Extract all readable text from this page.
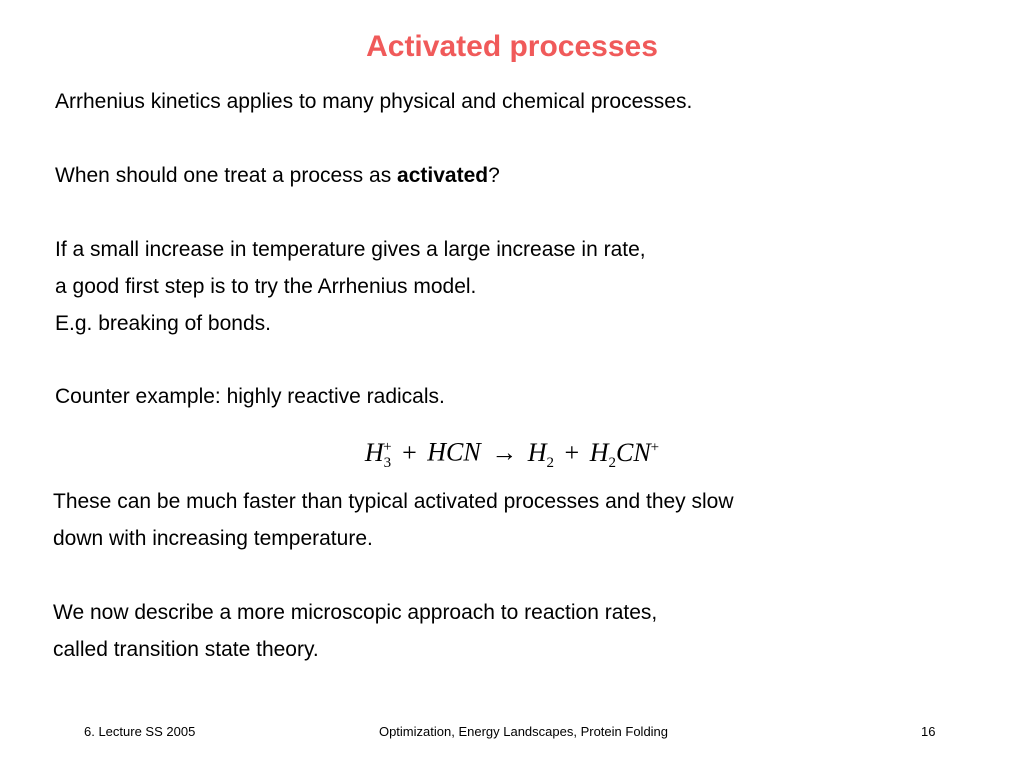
Activated processes

Arrhenius kinetics applies to many physical and chemical processes.

When should one treat a process as activated?

If a small increase in temperature gives a large increase in rate,

a good first step is to try the Arrhenius model.

E.g. breaking of bonds.

Counter example: highly reactive radicals.

$H_3^+$ + HCN → $H_2 + H_2CN^+$

These can be much faster than typical activated processes and they slow

down with increasing temperature.

We now describe a more microscopic approach to reaction rates,

called transition state theory.

6. Lecture SS 2005	Optimization, Energy Landscapes, Protein Folding	16
